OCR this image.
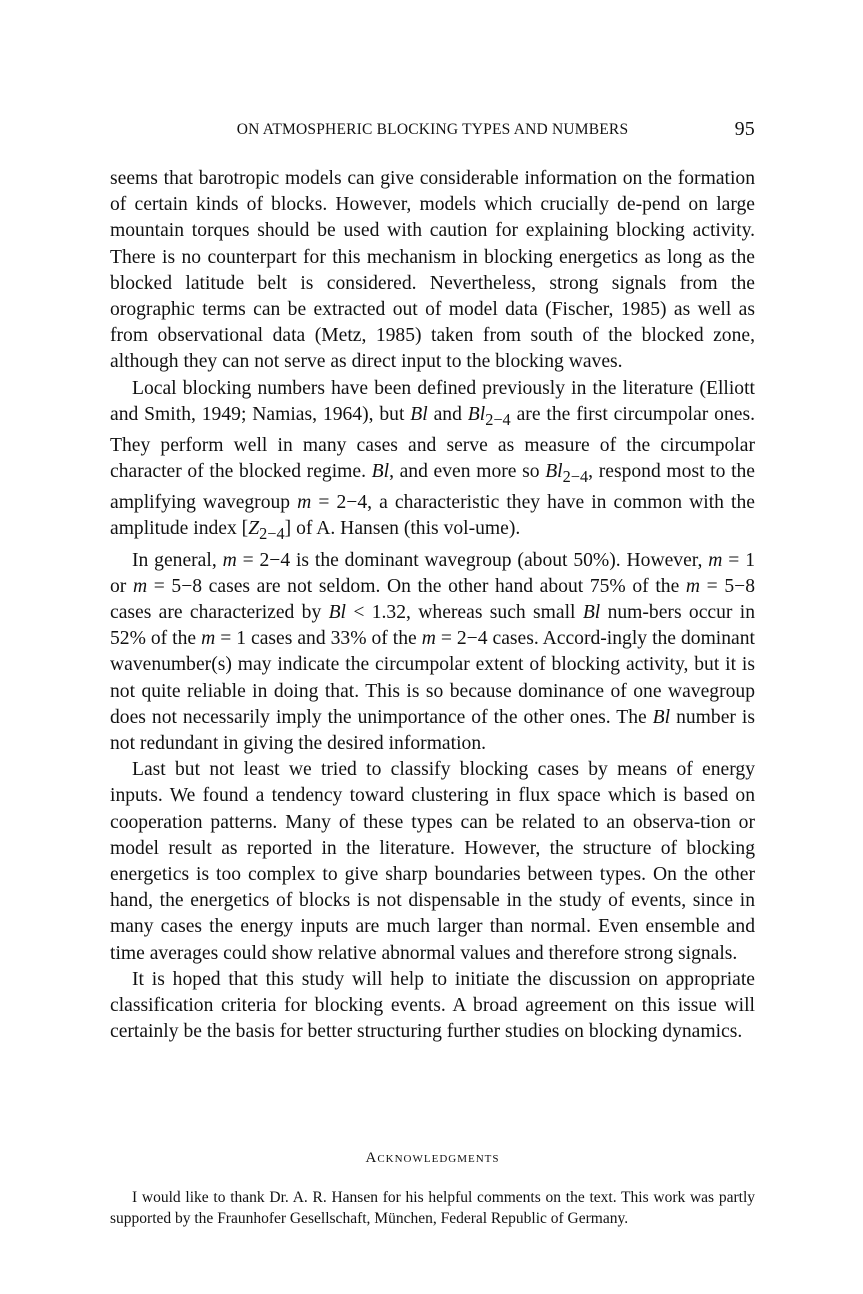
ON ATMOSPHERIC BLOCKING TYPES AND NUMBERS	95

seems that barotropic models can give considerable information on the formation of certain kinds of blocks. However, models which crucially de-pend on large mountain torques should be used with caution for explaining blocking activity. There is no counterpart for this mechanism in blocking energetics as long as the blocked latitude belt is considered. Nevertheless, strong signals from the orographic terms can be extracted out of model data (Fischer, 1985) as well as from observational data (Metz, 1985) taken from south of the blocked zone, although they can not serve as direct input to the blocking waves.

Local blocking numbers have been defined previously in the literature (Elliott and Smith, 1949; Namias, 1964), but Bl and $Bl_{2-4}$ are the first circumpolar ones. They perform well in many cases and serve as measure of the circumpolar character of the blocked regime. Bl, and even more so $Bl_{2-4}$, respond most to the amplifying wavegroup m = 2−4, a characteristic they have in common with the amplitude index $[Z_{2-4}]$ of A. Hansen (this vol-ume).

In general, m = 2−4 is the dominant wavegroup (about 50%). However, m = 1 or m = 5−8 cases are not seldom. On the other hand about 75% of the m = 5−8 cases are characterized by Bl < 1.32, whereas such small Bl num-bers occur in 52% of the m = 1 cases and 33% of the m = 2−4 cases. Accord-ingly the dominant wavenumber(s) may indicate the circumpolar extent of blocking activity, but it is not quite reliable in doing that. This is so because dominance of one wavegroup does not necessarily imply the unimportance of the other ones. The Bl number is not redundant in giving the desired information.

Last but not least we tried to classify blocking cases by means of energy inputs. We found a tendency toward clustering in flux space which is based on cooperation patterns. Many of these types can be related to an observa-tion or model result as reported in the literature. However, the structure of blocking energetics is too complex to give sharp boundaries between types. On the other hand, the energetics of blocks is not dispensable in the study of events, since in many cases the energy inputs are much larger than normal. Even ensemble and time averages could show relative abnormal values and therefore strong signals.

It is hoped that this study will help to initiate the discussion on appropriate classification criteria for blocking events. A broad agreement on this issue will certainly be the basis for better structuring further studies on blocking dynamics.

Acknowledgments

I would like to thank Dr. A. R. Hansen for his helpful comments on the text. This work was partly supported by the Fraunhofer Gesellschaft, München, Federal Republic of Germany.
